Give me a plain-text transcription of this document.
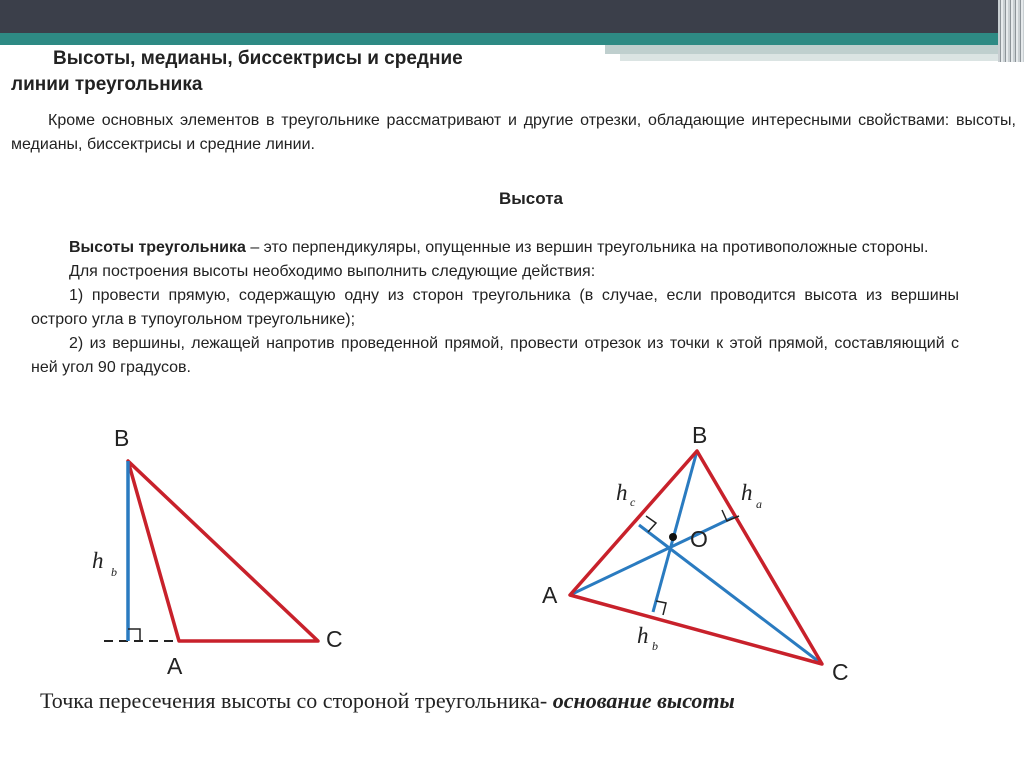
Высоты, медианы, биссектрисы и средние
линии треугольника
Кроме основных элементов в треугольнике рассматривают и другие отрезки, обладающие интересными свойствами: высоты, медианы, биссектрисы и средние линии.
Высота

Высоты треугольника – это перпендикуляры, опущенные из вершин треугольника на противоположные стороны.

Для построения высоты необходимо выполнить следующие действия:

1) провести прямую, содержащую одну из сторон треугольника (в случае, если проводится высота из вершины острого угла в тупоугольном треугольнике);

2) из вершины, лежащей напротив проведенной прямой, провести отрезок из точки к этой прямой, составляющий с ней угол 90 градусов.

B
A
C
h b
B
A
C
O
h c	h a
h b
Точка пересечения высоты со стороной треугольника- основание высоты
